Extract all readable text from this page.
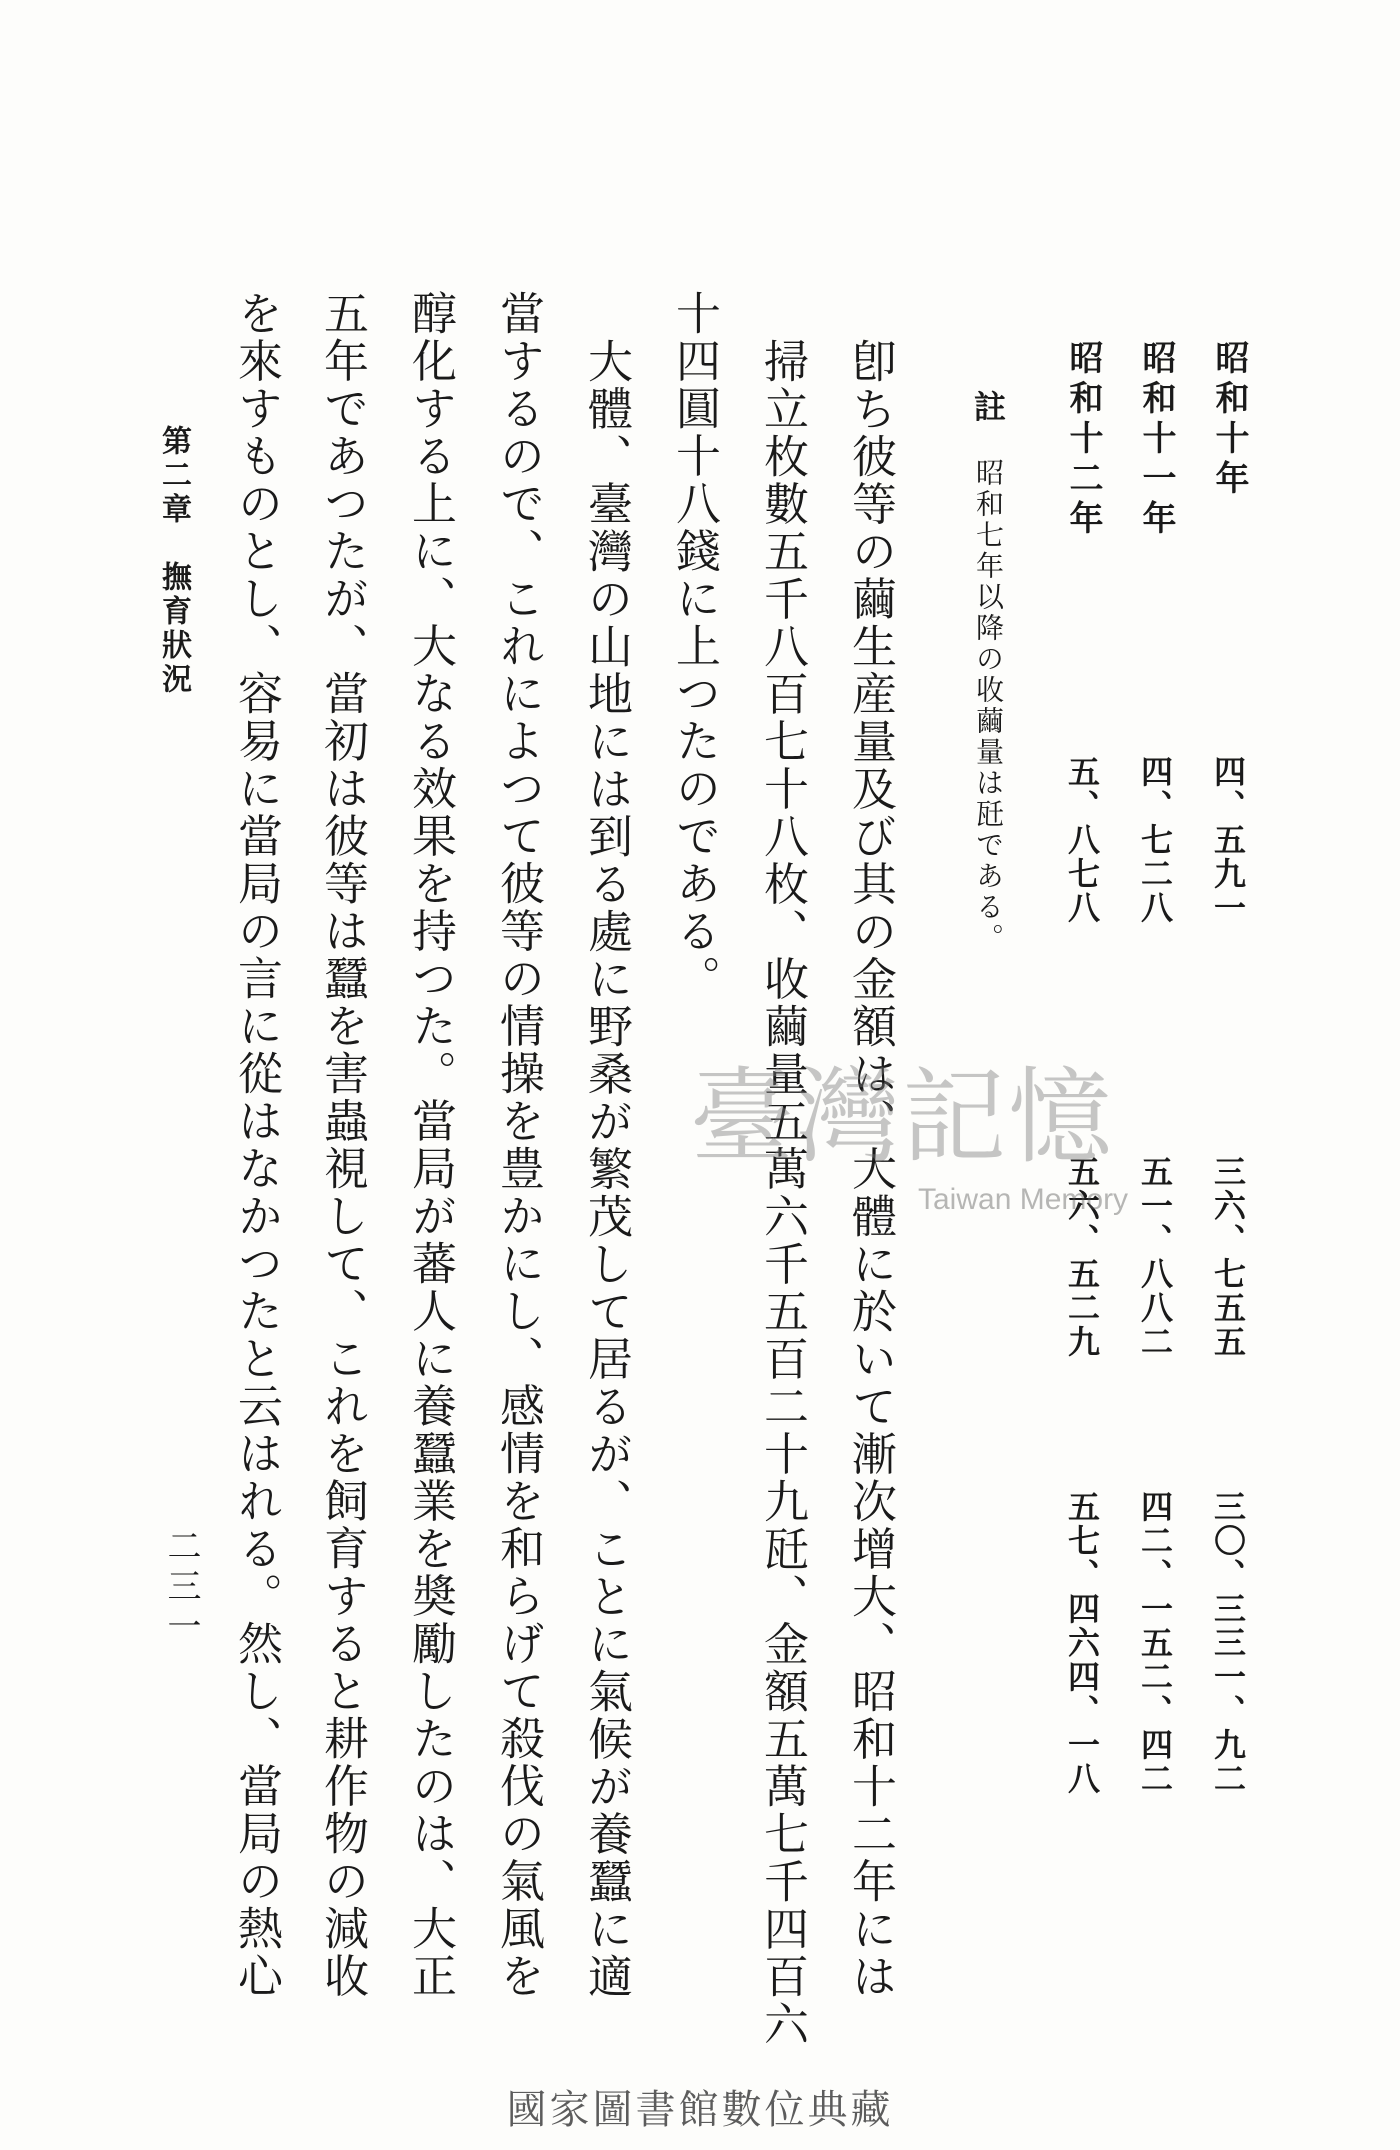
昭和十年
昭和十一年
昭和十二年
四、五九一
四、七二八
五、八七八
三六、七五五
五一、八八二
五六、五二九
三〇、三三一、九二
四二、一五二、四二
五七、四六四、一八
註
昭和七年以降の收繭量は瓩である。
卽ち彼等の繭生産量及び其の金額は、大體に於いて漸次增大、昭和十二年には
掃立枚數五千八百七十八枚、收繭量五萬六千五百二十九瓩、金額五萬七千四百六
十四圓十八錢に上つたのである。
大體、臺灣の山地には到る處に野桑が繁茂して居るが、ことに氣候が養蠶に適
當するので、これによつて彼等の情操を豊かにし、感情を和らげて殺伐の氣風を
醇化する上に、大なる效果を持つた。當局が蕃人に養蠶業を奬勵したのは、大正
五年であつたが、當初は彼等は蠶を害蟲視して、これを飼育すると耕作物の減收
を來すものとし、容易に當局の言に從はなかつたと云はれる。然し、當局の熱心
第二章　撫育狀況
二三一
臺灣記憶
Taiwan Memory
國家圖書館數位典藏
